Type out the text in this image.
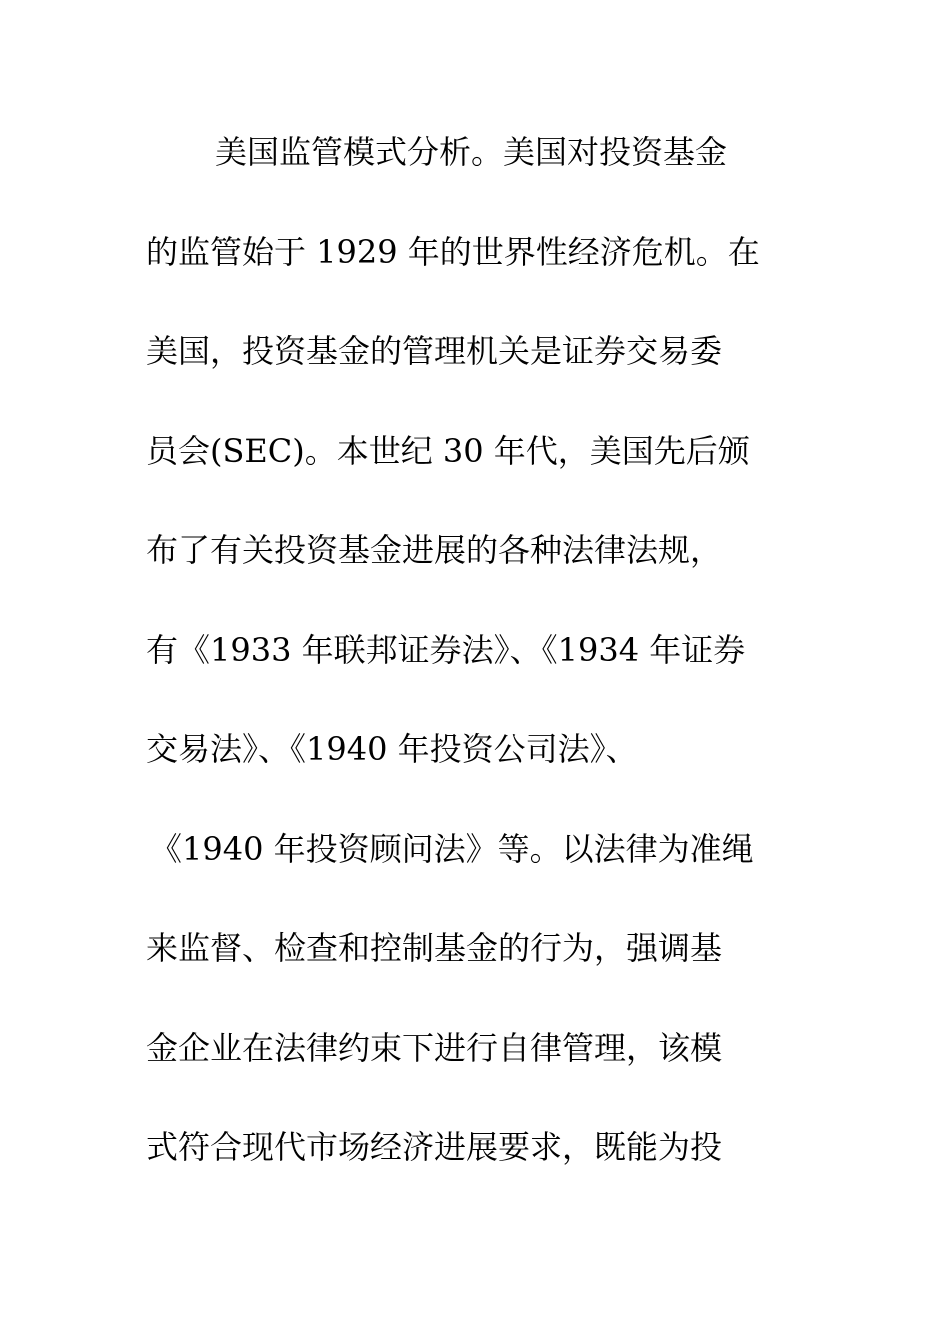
美国监管模式分析。美国对投资基金
的监管始于 1929 年的世界性经济危机。在
美国，投资基金的管理机关是证券交易委
员会(SEC)。本世纪 30 年代，美国先后颁
布了有关投资基金进展的各种法律法规，
有《1933 年联邦证券法》、《1934 年证券
交易法》、《1940 年投资公司法》、
《1940 年投资顾问法》等。以法律为准绳
来监督、检查和控制基金的行为，强调基
金企业在法律约束下进行自律管理，该模
式符合现代市场经济进展要求，既能为投
